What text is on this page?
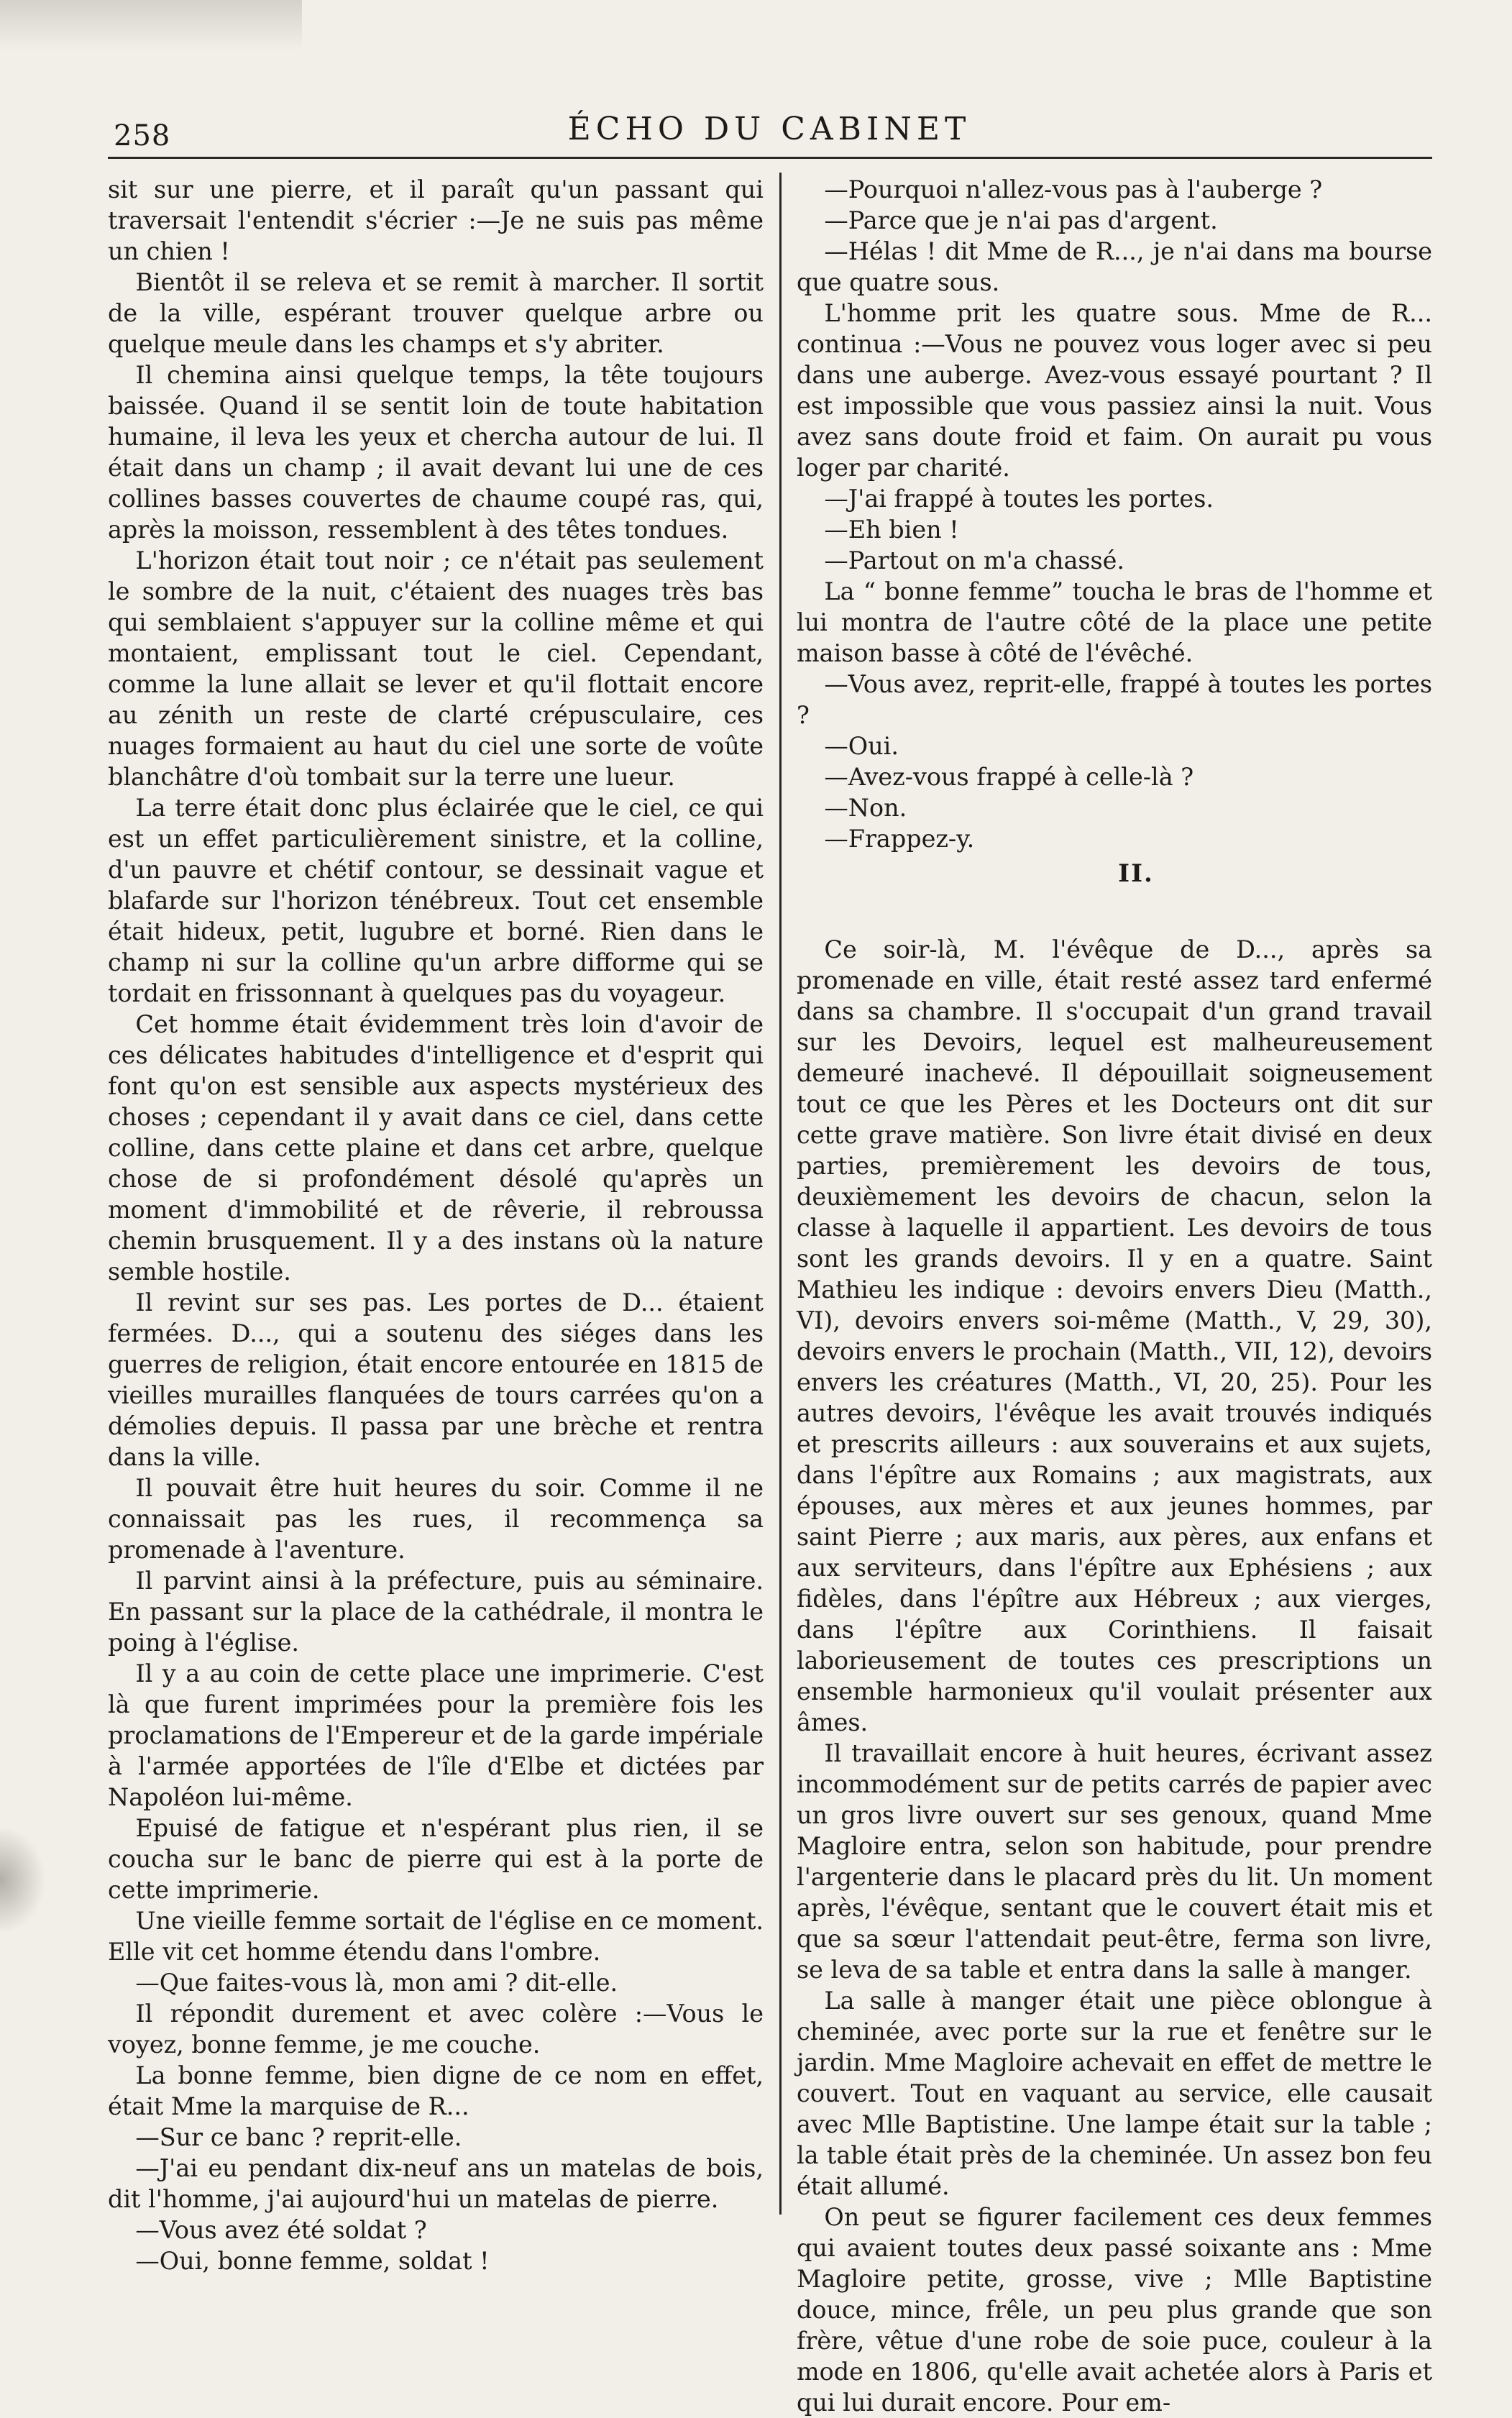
258	ÉCHO DU CABINET

sit sur une pierre, et il paraît qu'un passant qui traversait l'entendit s'écrier :—Je ne suis pas même un chien !

Bientôt il se releva et se remit à marcher. Il sortit de la ville, espérant trouver quelque arbre ou quelque meule dans les champs et s'y abriter.

Il chemina ainsi quelque temps, la tête toujours baissée. Quand il se sentit loin de toute habitation humaine, il leva les yeux et chercha autour de lui. Il était dans un champ ; il avait devant lui une de ces collines basses couvertes de chaume coupé ras, qui, après la moisson, ressemblent à des têtes tondues.

L'horizon était tout noir ; ce n'était pas seulement le sombre de la nuit, c'étaient des nuages très bas qui semblaient s'appuyer sur la colline même et qui montaient, emplissant tout le ciel. Cependant, comme la lune allait se lever et qu'il flottait encore au zénith un reste de clarté crépusculaire, ces nuages formaient au haut du ciel une sorte de voûte blanchâtre d'où tombait sur la terre une lueur.

La terre était donc plus éclairée que le ciel, ce qui est un effet particulièrement sinistre, et la colline, d'un pauvre et chétif contour, se dessinait vague et blafarde sur l'horizon ténébreux. Tout cet ensemble était hideux, petit, lugubre et borné. Rien dans le champ ni sur la colline qu'un arbre difforme qui se tordait en frissonnant à quelques pas du voyageur.

Cet homme était évidemment très loin d'avoir de ces délicates habitudes d'intelligence et d'esprit qui font qu'on est sensible aux aspects mystérieux des choses ; cependant il y avait dans ce ciel, dans cette colline, dans cette plaine et dans cet arbre, quelque chose de si profondément désolé qu'après un moment d'immobilité et de rêverie, il rebroussa chemin brusquement. Il y a des instans où la nature semble hostile.

Il revint sur ses pas. Les portes de D... étaient fermées. D..., qui a soutenu des siéges dans les guerres de religion, était encore entourée en 1815 de vieilles murailles flanquées de tours carrées qu'on a démolies depuis. Il passa par une brèche et rentra dans la ville.

Il pouvait être huit heures du soir. Comme il ne connaissait pas les rues, il recommença sa promenade à l'aventure.

Il parvint ainsi à la préfecture, puis au séminaire. En passant sur la place de la cathédrale, il montra le poing à l'église.

Il y a au coin de cette place une imprimerie. C'est là que furent imprimées pour la première fois les proclamations de l'Empereur et de la garde impériale à l'armée apportées de l'île d'Elbe et dictées par Napoléon lui-même.

Epuisé de fatigue et n'espérant plus rien, il se coucha sur le banc de pierre qui est à la porte de cette imprimerie.

Une vieille femme sortait de l'église en ce moment. Elle vit cet homme étendu dans l'ombre.

—Que faites-vous là, mon ami ? dit-elle.

Il répondit durement et avec colère :—Vous le voyez, bonne femme, je me couche.

La bonne femme, bien digne de ce nom en effet, était Mme la marquise de R...

—Sur ce banc ? reprit-elle.

—J'ai eu pendant dix-neuf ans un matelas de bois, dit l'homme, j'ai aujourd'hui un matelas de pierre.

—Vous avez été soldat ?

—Oui, bonne femme, soldat !

—Pourquoi n'allez-vous pas à l'auberge ?

—Parce que je n'ai pas d'argent.

—Hélas ! dit Mme de R..., je n'ai dans ma bourse que quatre sous.

L'homme prit les quatre sous. Mme de R... continua :—Vous ne pouvez vous loger avec si peu dans une auberge. Avez-vous essayé pourtant ? Il est impossible que vous passiez ainsi la nuit. Vous avez sans doute froid et faim. On aurait pu vous loger par charité.

—J'ai frappé à toutes les portes.

—Eh bien !

—Partout on m'a chassé.

La “ bonne femme” toucha le bras de l'homme et lui montra de l'autre côté de la place une petite maison basse à côté de l'évêché.

—Vous avez, reprit-elle, frappé à toutes les portes ?

—Oui.

—Avez-vous frappé à celle-là ?

—Non.

—Frappez-y.

II.

Ce soir-là, M. l'évêque de D..., après sa promenade en ville, était resté assez tard enfermé dans sa chambre. Il s'occupait d'un grand travail sur les Devoirs, lequel est malheureusement demeuré inachevé. Il dépouillait soigneusement tout ce que les Pères et les Docteurs ont dit sur cette grave matière. Son livre était divisé en deux parties, premièrement les devoirs de tous, deuxièmement les devoirs de chacun, selon la classe à laquelle il appartient. Les devoirs de tous sont les grands devoirs. Il y en a quatre. Saint Mathieu les indique : devoirs envers Dieu (Matth., VI), devoirs envers soi-même (Matth., V, 29, 30), devoirs envers le prochain (Matth., VII, 12), devoirs envers les créatures (Matth., VI, 20, 25). Pour les autres devoirs, l'évêque les avait trouvés indiqués et prescrits ailleurs : aux souverains et aux sujets, dans l'épître aux Romains ; aux magistrats, aux épouses, aux mères et aux jeunes hommes, par saint Pierre ; aux maris, aux pères, aux enfans et aux serviteurs, dans l'épître aux Ephésiens ; aux fidèles, dans l'épître aux Hébreux ; aux vierges, dans l'épître aux Corinthiens. Il faisait laborieusement de toutes ces prescriptions un ensemble harmonieux qu'il voulait présenter aux âmes.

Il travaillait encore à huit heures, écrivant assez incommodément sur de petits carrés de papier avec un gros livre ouvert sur ses genoux, quand Mme Magloire entra, selon son habitude, pour prendre l'argenterie dans le placard près du lit. Un moment après, l'évêque, sentant que le couvert était mis et que sa sœur l'attendait peut-être, ferma son livre, se leva de sa table et entra dans la salle à manger.

La salle à manger était une pièce oblongue à cheminée, avec porte sur la rue et fenêtre sur le jardin. Mme Magloire achevait en effet de mettre le couvert. Tout en vaquant au service, elle causait avec Mlle Baptistine. Une lampe était sur la table ; la table était près de la cheminée. Un assez bon feu était allumé.

On peut se figurer facilement ces deux femmes qui avaient toutes deux passé soixante ans : Mme Magloire petite, grosse, vive ; Mlle Baptistine douce, mince, frêle, un peu plus grande que son frère, vêtue d'une robe de soie puce, couleur à la mode en 1806, qu'elle avait achetée alors à Paris et qui lui durait encore. Pour em-
